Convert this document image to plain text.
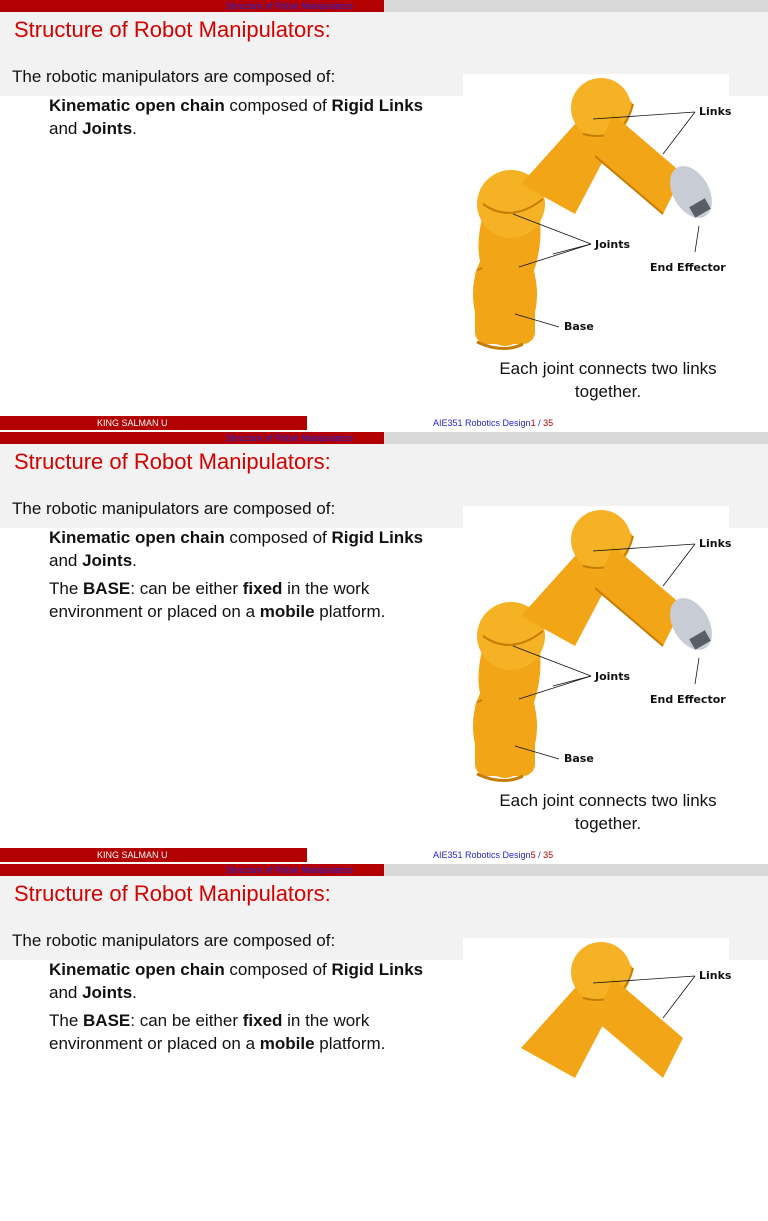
Structure of Robot Manipulators
Structure of Robot Manipulators:
The robotic manipulators are composed of:
Kinematic open chain composed of Rigid Links and Joints.
Links
Joints
End Effector
Base
Each joint connects two links together.
KING SALMAN U	AIE351 Robotics Design1 / 35
Structure of Robot Manipulators
Structure of Robot Manipulators:
The robotic manipulators are composed of:
Kinematic open chain composed of Rigid Links and Joints.
The BASE: can be either fixed in the work environment or placed on a mobile platform.
Links
Joints
End Effector
Base
Each joint connects two links together.
KING SALMAN U	AIE351 Robotics Design5 / 35
Structure of Robot Manipulators
Structure of Robot Manipulators:
The robotic manipulators are composed of:
Kinematic open chain composed of Rigid Links and Joints.
The BASE: can be either fixed in the work environment or placed on a mobile platform.
Links
